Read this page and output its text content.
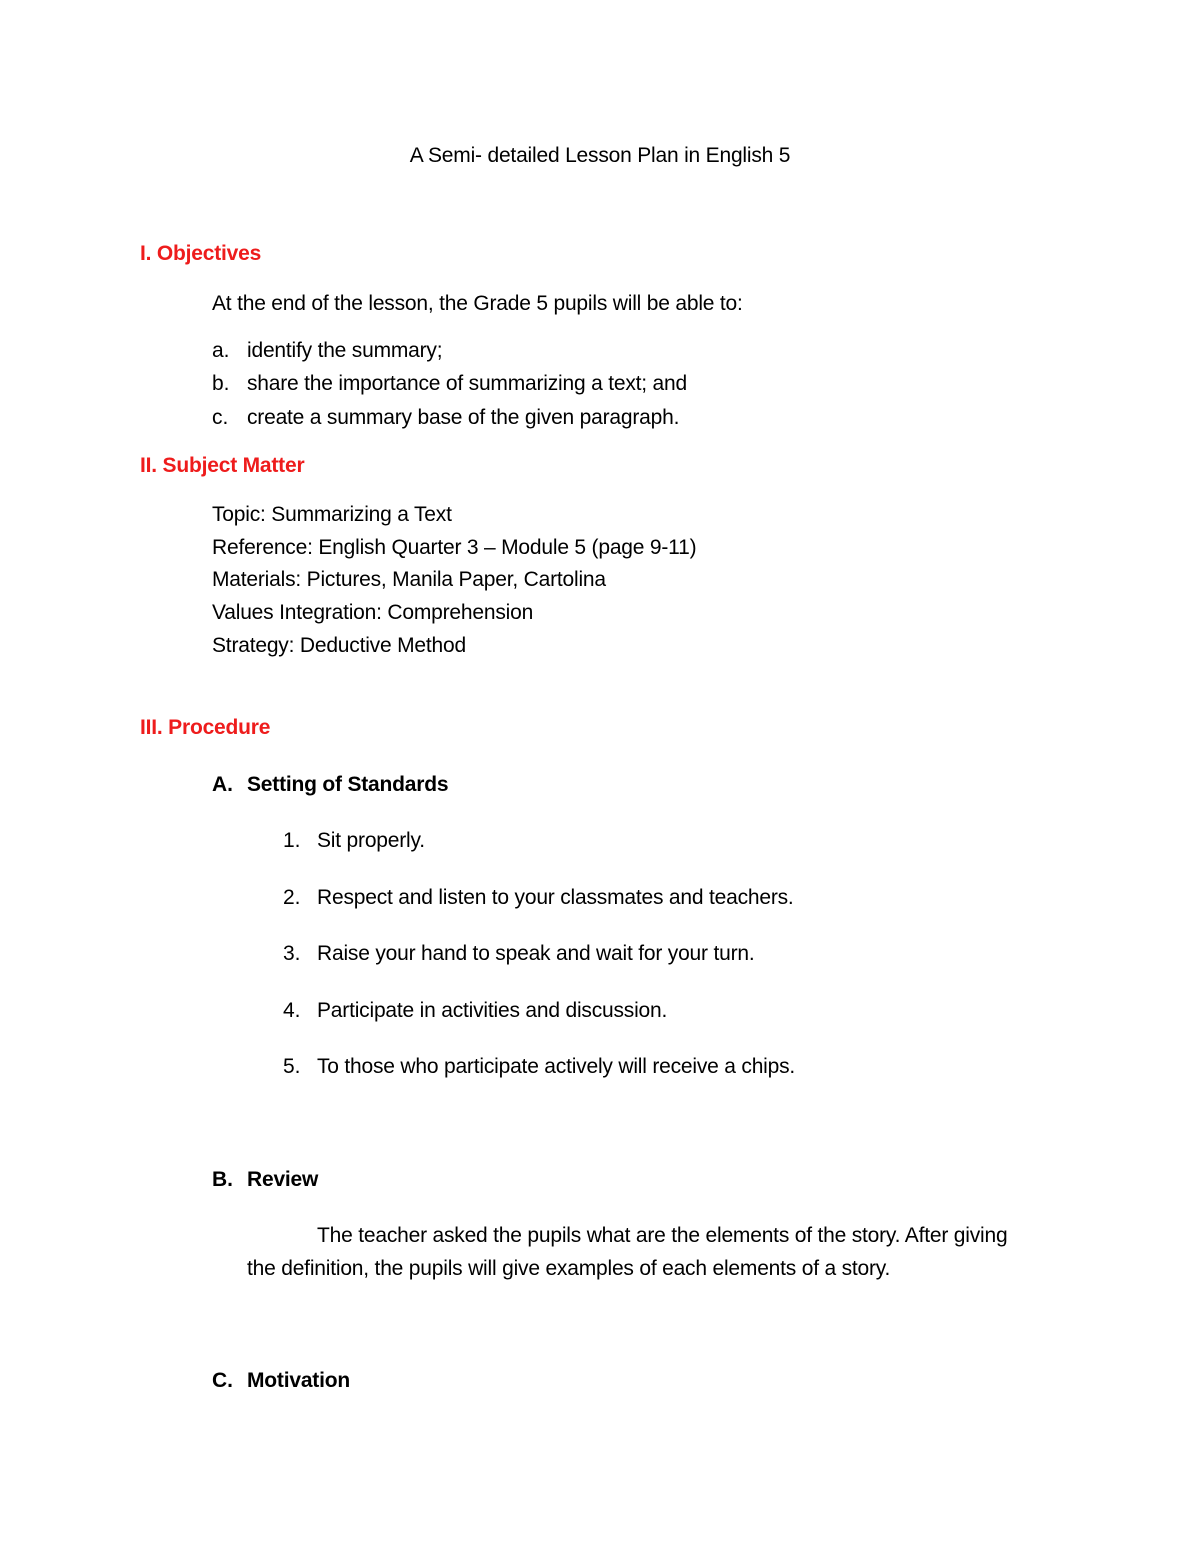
A Semi- detailed Lesson Plan in English 5
I. Objectives
At the end of the lesson, the Grade 5 pupils will be able to:
a. identify the summary;
b. share the importance of summarizing a text; and
c. create a summary base of the given paragraph.
II. Subject Matter
Topic: Summarizing a Text
Reference: English Quarter 3 – Module 5 (page 9-11)
Materials: Pictures, Manila Paper, Cartolina
Values Integration: Comprehension
Strategy: Deductive Method
III. Procedure
A. Setting of Standards
1. Sit properly.
2. Respect and listen to your classmates and teachers.
3. Raise your hand to speak and wait for your turn.
4. Participate in activities and discussion.
5. To those who participate actively will receive a chips.
B. Review
The teacher asked the pupils what are the elements of the story. After giving
the definition, the pupils will give examples of each elements of a story.
C. Motivation
